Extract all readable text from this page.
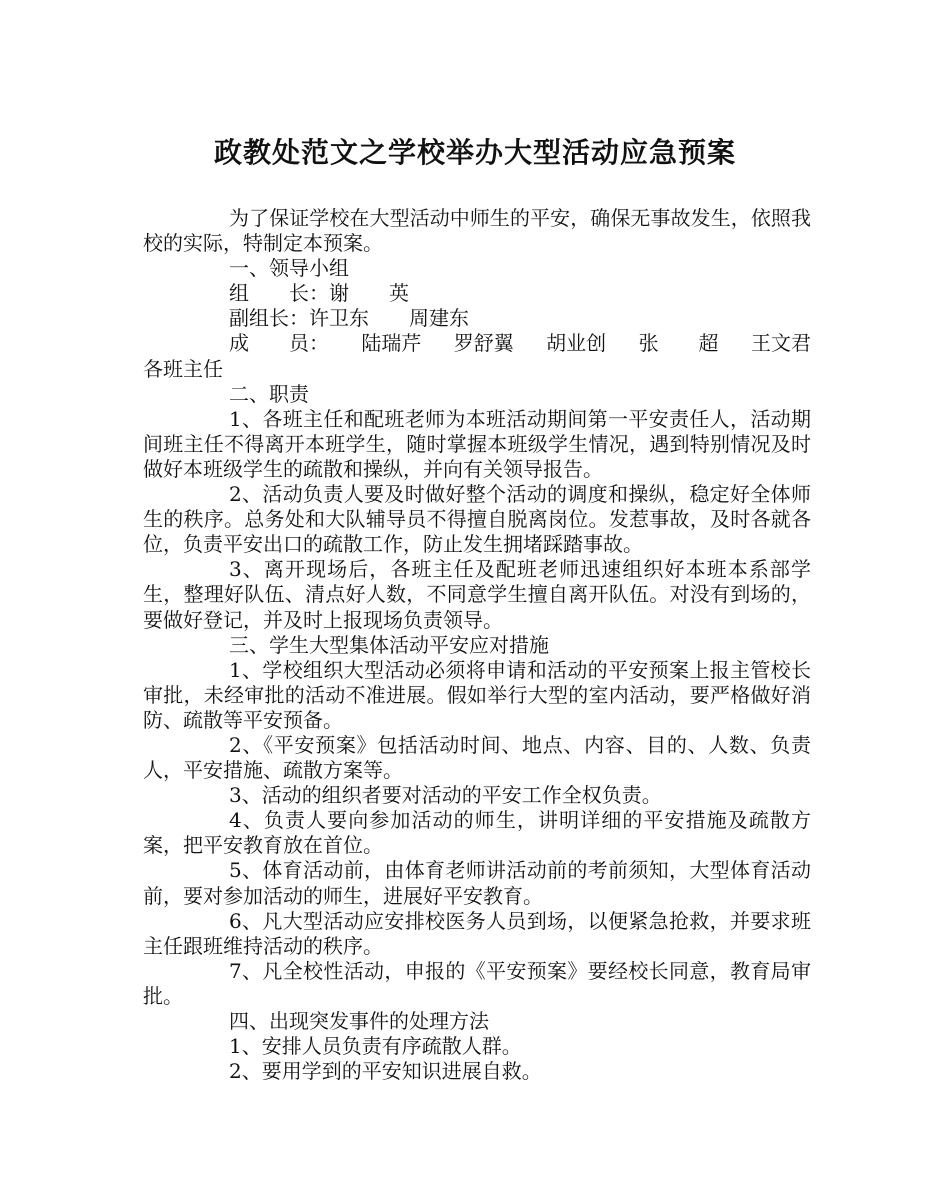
政教处范文之学校举办大型活动应急预案

为了保证学校在大型活动中师生的平安，确保无事故发生，依照我校的实际，特制定本预案。

一、领导小组

组　　长： 谢　　英
副组长： 许卫东　　周建东
成　　员： 陆瑞芹 罗舒翼 胡业创 张　　超 王文君
各班主任

二、职责

1、各班主任和配班老师为本班活动期间第一平安责任人，活动期间班主任不得离开本班学生，随时掌握本班级学生情况，遇到特别情况及时做好本班级学生的疏散和操纵，并向有关领导报告。

2、活动负责人要及时做好整个活动的调度和操纵，稳定好全体师生的秩序。总务处和大队辅导员不得擅自脱离岗位。发惹事故，及时各就各位，负责平安出口的疏散工作，防止发生拥堵踩踏事故。

3、离开现场后，各班主任及配班老师迅速组织好本班本系部学生，整理好队伍、清点好人数，不同意学生擅自离开队伍。对没有到场的，要做好登记，并及时上报现场负责领导。

三、学生大型集体活动平安应对措施

1、学校组织大型活动必须将申请和活动的平安预案上报主管校长审批，未经审批的活动不准进展。假如举行大型的室内活动，要严格做好消防、疏散等平安预备。

2、《平安预案》包括活动时间、地点、内容、目的、人数、负责人，平安措施、疏散方案等。

3、活动的组织者要对活动的平安工作全权负责。

4、负责人要向参加活动的师生，讲明详细的平安措施及疏散方案，把平安教育放在首位。

5、体育活动前，由体育老师讲活动前的考前须知，大型体育活动前，要对参加活动的师生，进展好平安教育。

6、凡大型活动应安排校医务人员到场，以便紧急抢救，并要求班主任跟班维持活动的秩序。

7、凡全校性活动，申报的《平安预案》要经校长同意，教育局审批。

四、出现突发事件的处理方法

1、安排人员负责有序疏散人群。

2、要用学到的平安知识进展自救。
